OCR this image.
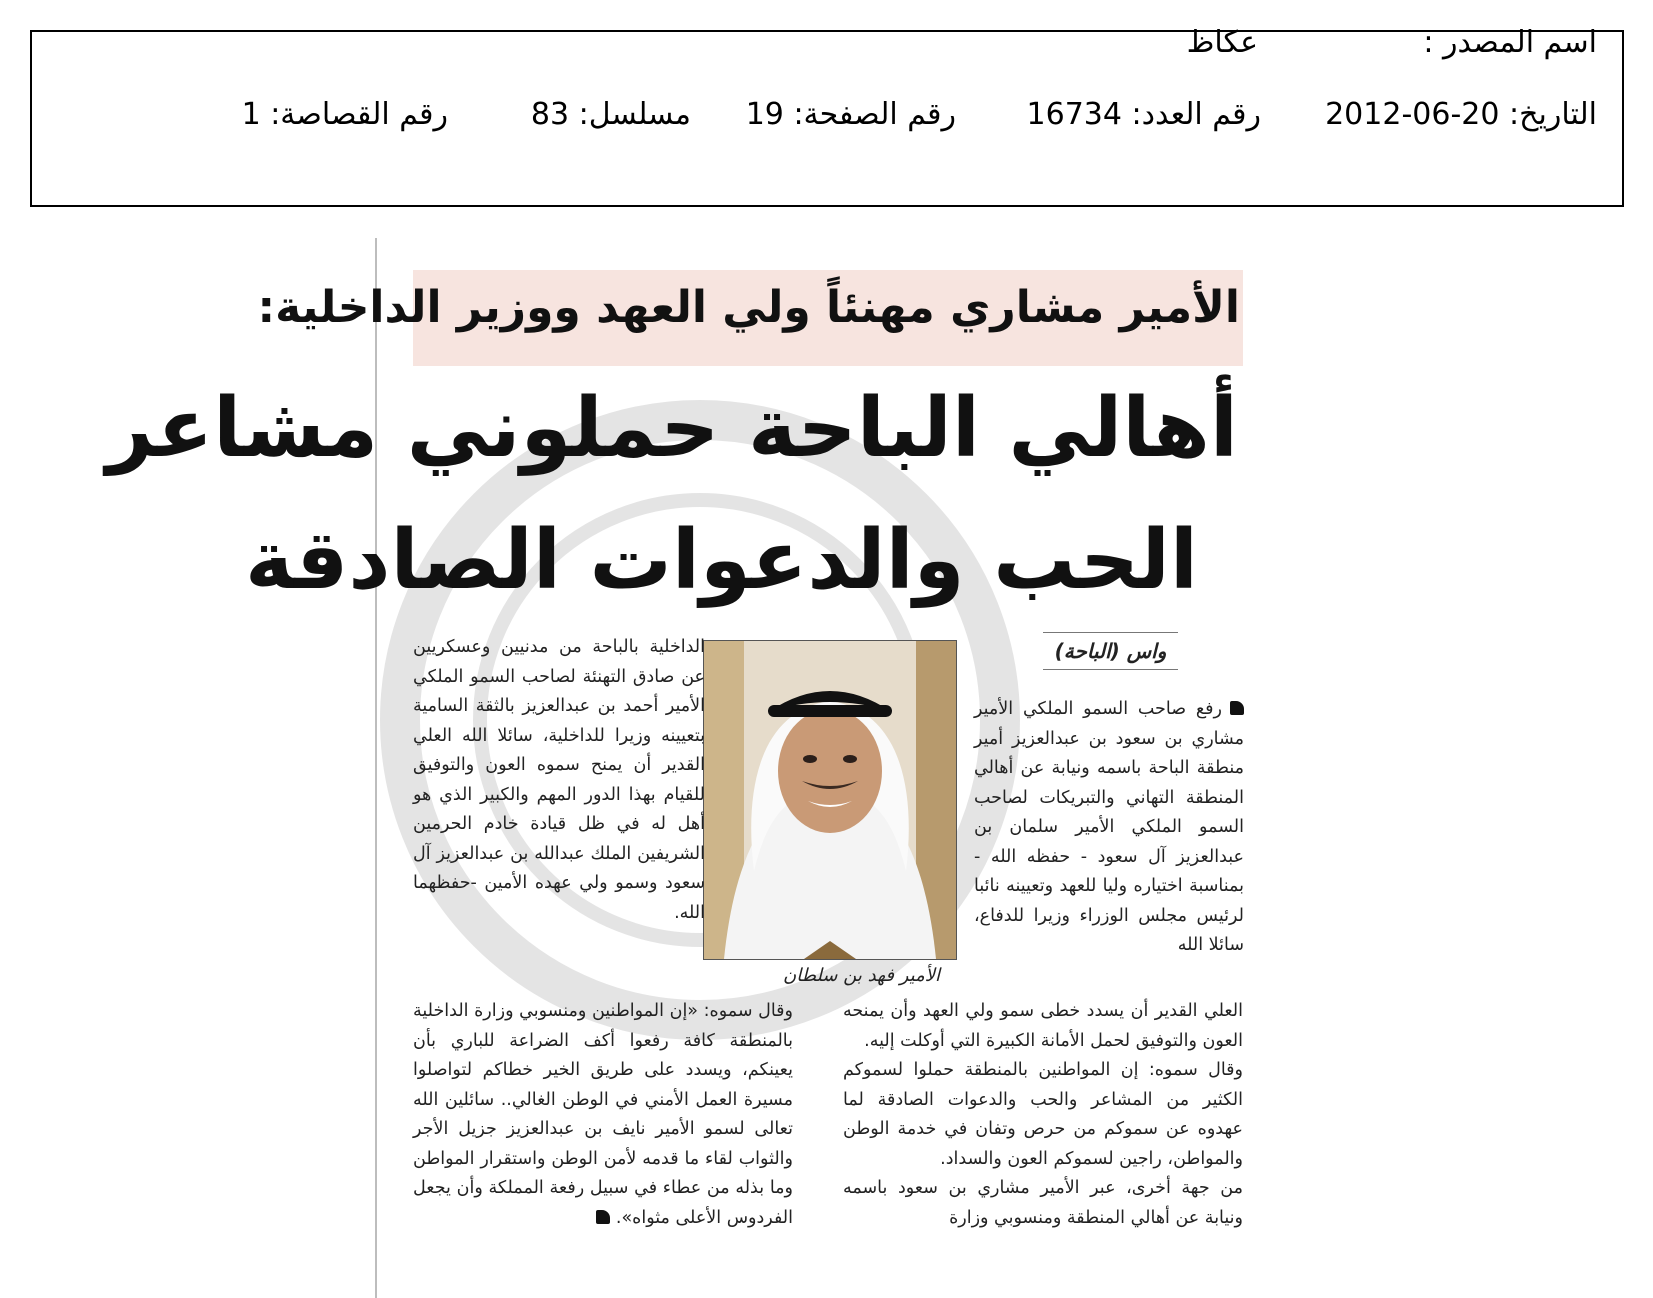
اسم المصدر :
عكاظ
التاريخ: 20-06-2012
رقم العدد: 16734
رقم الصفحة: 19
مسلسل: 83
رقم القصاصة: 1
الأمير مشاري مهنئاً ولي العهد ووزير الداخلية:
أهالي الباحة حملوني مشاعر
الحب والدعوات الصادقة
واس (الباحة)
الأمير فهد بن سلطان

رفع صاحب السمو الملكي الأمير مشاري بن سعود بن عبدالعزيز أمير منطقة الباحة باسمه ونيابة عن أهالي المنطقة التهاني والتبريكات لصاحب السمو الملكي الأمير سلمان بن عبدالعزيز آل سعود - حفظه الله - بمناسبة اختياره وليا للعهد وتعيينه نائبا لرئيس مجلس الوزراء وزيرا للدفاع، سائلا الله

الداخلية بالباحة من مدنيين وعسكريين عن صادق التهنئة لصاحب السمو الملكي الأمير أحمد بن عبدالعزيز بالثقة السامية بتعيينه وزيرا للداخلية، سائلا الله العلي القدير أن يمنح سموه العون والتوفيق للقيام بهذا الدور المهم والكبير الذي هو أهل له في ظل قيادة خادم الحرمين الشريفين الملك عبدالله بن عبدالعزيز آل سعود وسمو ولي عهده الأمين -حفظهما الله.

العلي القدير أن يسدد خطى سمو ولي العهد وأن يمنحه العون والتوفيق لحمل الأمانة الكبيرة التي أوكلت إليه.

وقال سموه: إن المواطنين بالمنطقة حملوا لسموكم الكثير من المشاعر والحب والدعوات الصادقة لما عهدوه عن سموكم من حرص وتفان في خدمة الوطن والمواطن، راجين لسموكم العون والسداد.

من جهة أخرى، عبر الأمير مشاري بن سعود باسمه ونيابة عن أهالي المنطقة ومنسوبي وزارة

وقال سموه: «إن المواطنين ومنسوبي وزارة الداخلية بالمنطقة كافة رفعوا أكف الضراعة للباري بأن يعينكم، ويسدد على طريق الخير خطاكم لتواصلوا مسيرة العمل الأمني في الوطن الغالي.. سائلين الله تعالى لسمو الأمير نايف بن عبدالعزيز جزيل الأجر والثواب لقاء ما قدمه لأمن الوطن واستقرار المواطن وما بذله من عطاء في سبيل رفعة المملكة وأن يجعل الفردوس الأعلى مثواه».
